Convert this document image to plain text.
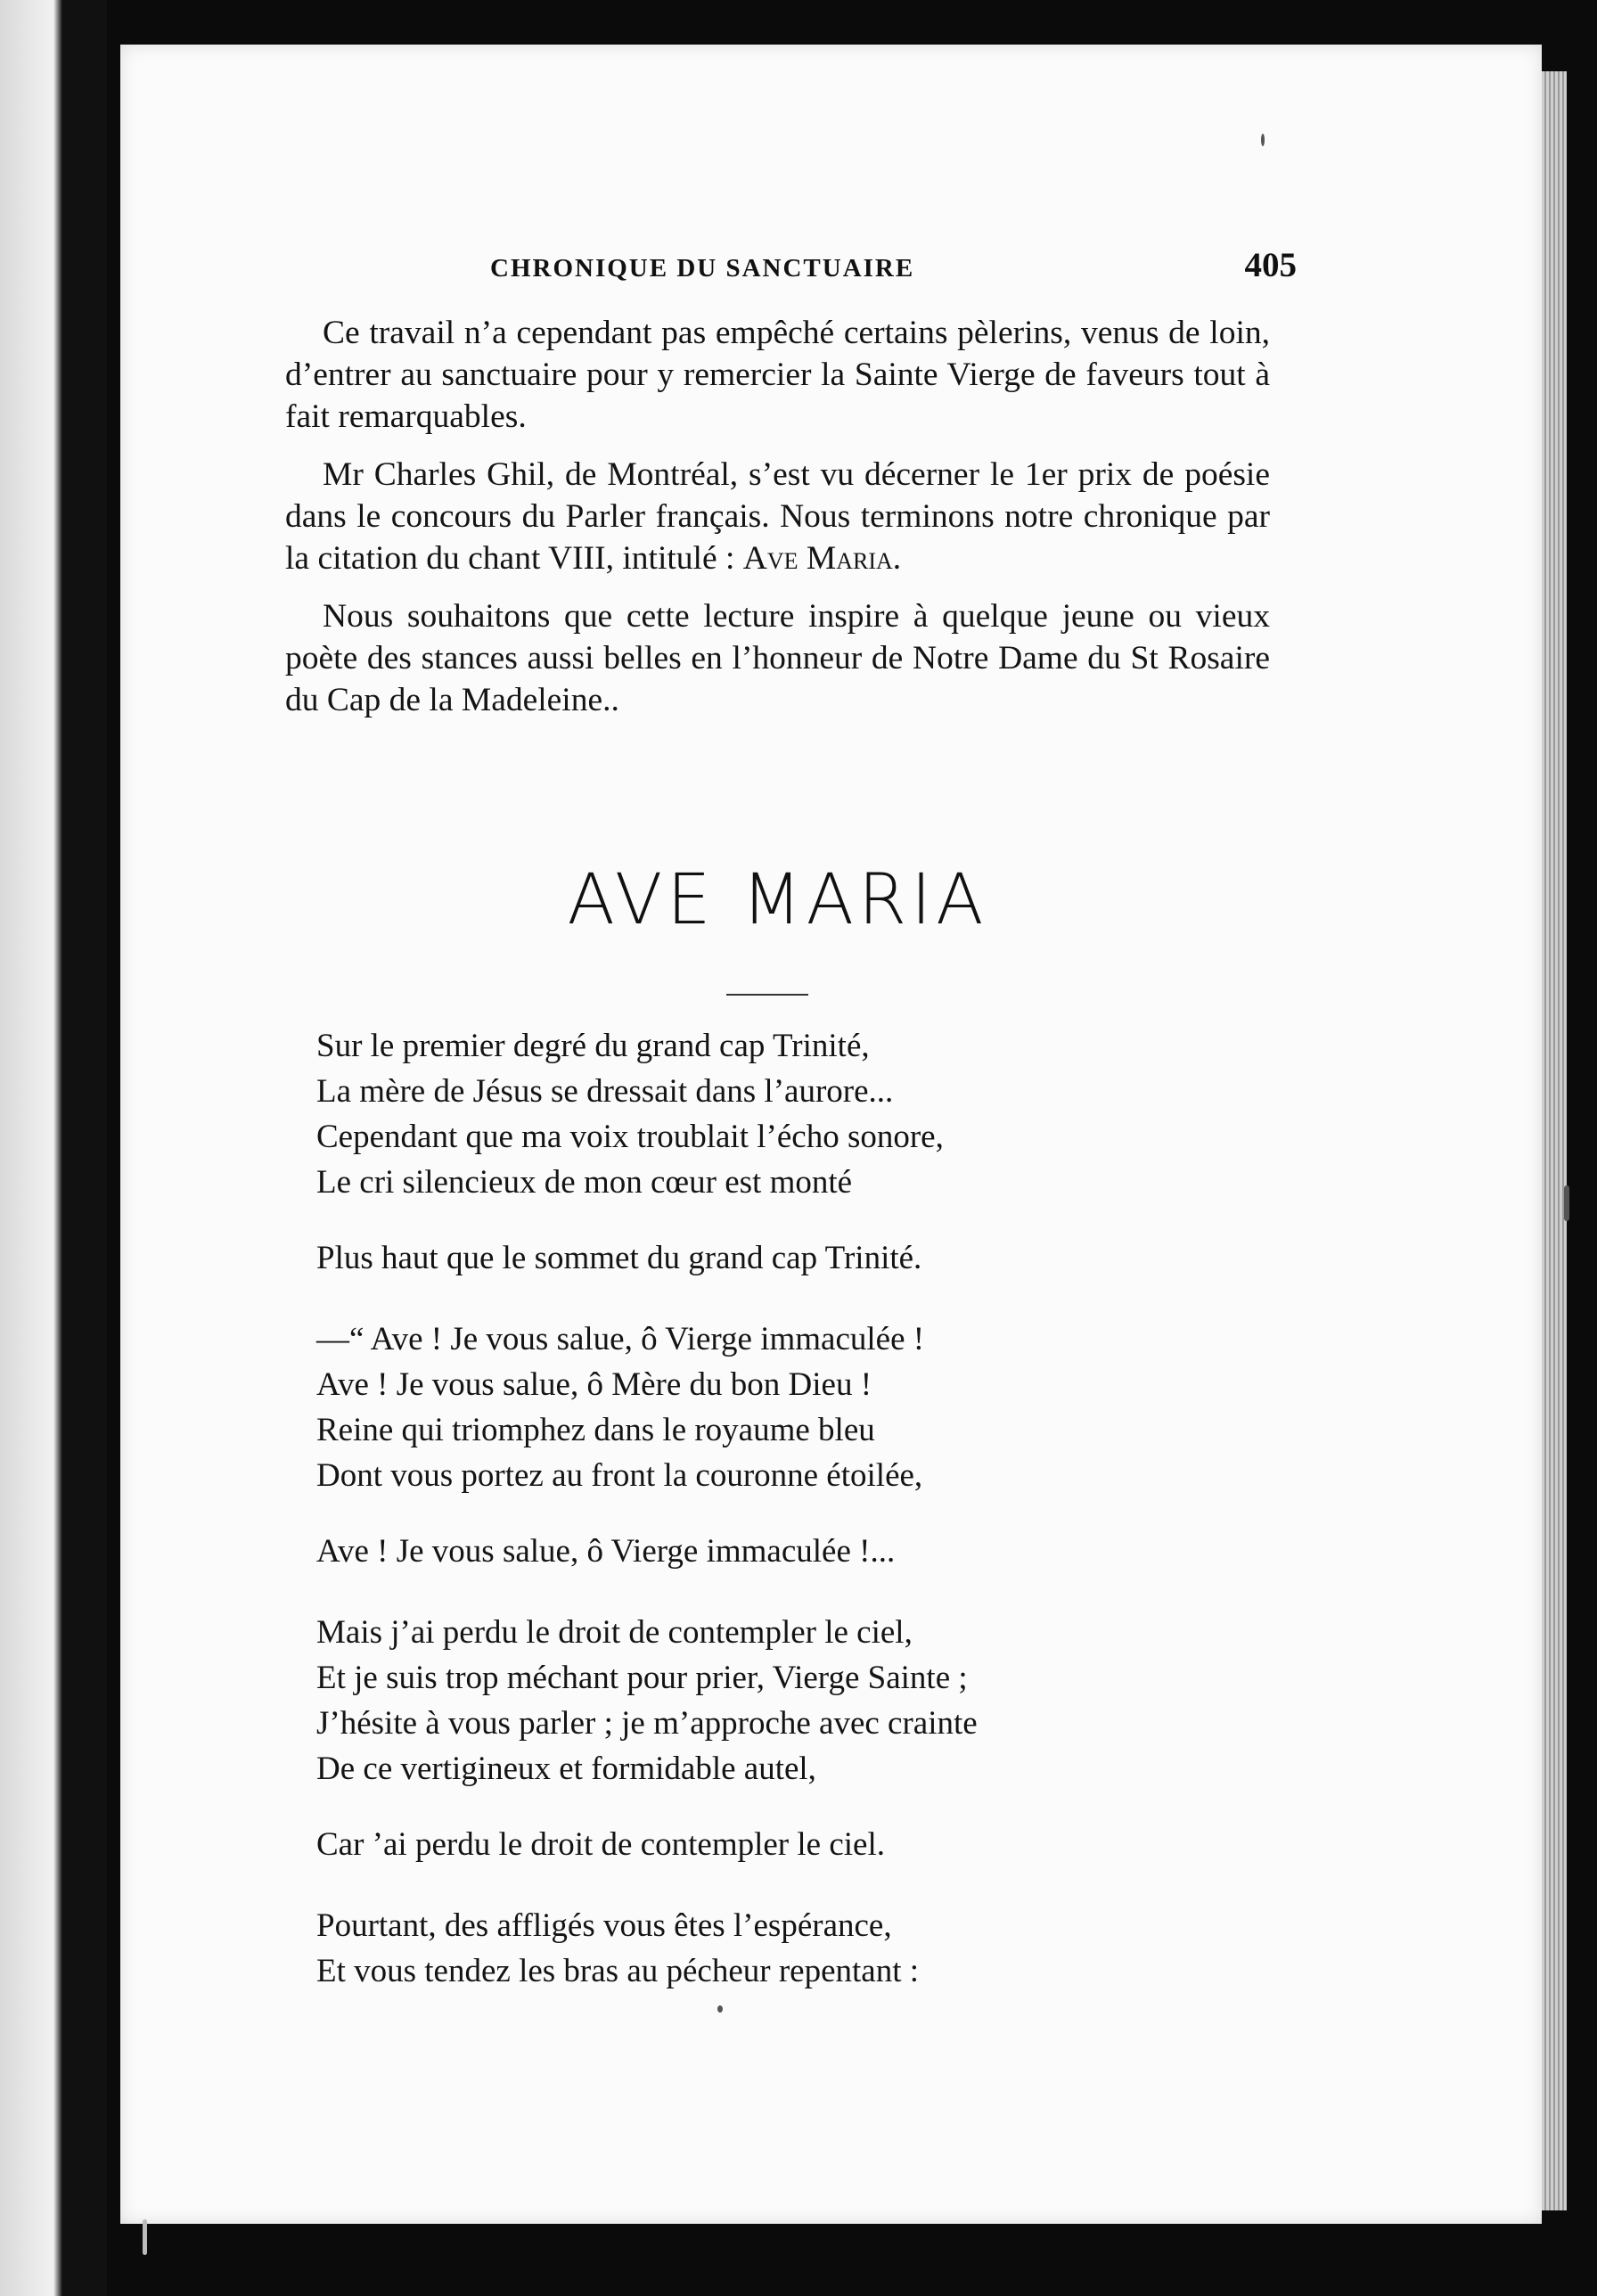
CHRONIQUE DU SANCTUAIRE	405

Ce travail n’a cependant pas empêché certains pèlerins, venus de loin, d’entrer au sanctuaire pour y remercier la Sainte Vierge de faveurs tout à fait remarquables.

Mr Charles Ghil, de Montréal, s’est vu décerner le 1er prix de poésie dans le concours du Parler français. Nous terminons notre chronique par la citation du chant VIII, intitulé : Ave Maria.

Nous souhaitons que cette lecture inspire à quelque jeune ou vieux poète des stances aussi belles en l’honneur de Notre Dame du St Rosaire du Cap de la Madeleine..

AVE MARIA
Sur le premier degré du grand cap Trinité,
La mère de Jésus se dressait dans l’aurore...
Cependant que ma voix troublait l’écho sonore,
Le cri silencieux de mon cœur est monté
Plus haut que le sommet du grand cap Trinité.
—“ Ave ! Je vous salue, ô Vierge immaculée !
Ave ! Je vous salue, ô Mère du bon Dieu !
Reine qui triomphez dans le royaume bleu
Dont vous portez au front la couronne étoilée,
Ave ! Je vous salue, ô Vierge immaculée !...
Mais j’ai perdu le droit de contempler le ciel,
Et je suis trop méchant pour prier, Vierge Sainte ;
J’hésite à vous parler ; je m’approche avec crainte
De ce vertigineux et formidable autel,
Car ’ai perdu le droit de contempler le ciel.
Pourtant, des affligés vous êtes l’espérance,
Et vous tendez les bras au pécheur repentant :
